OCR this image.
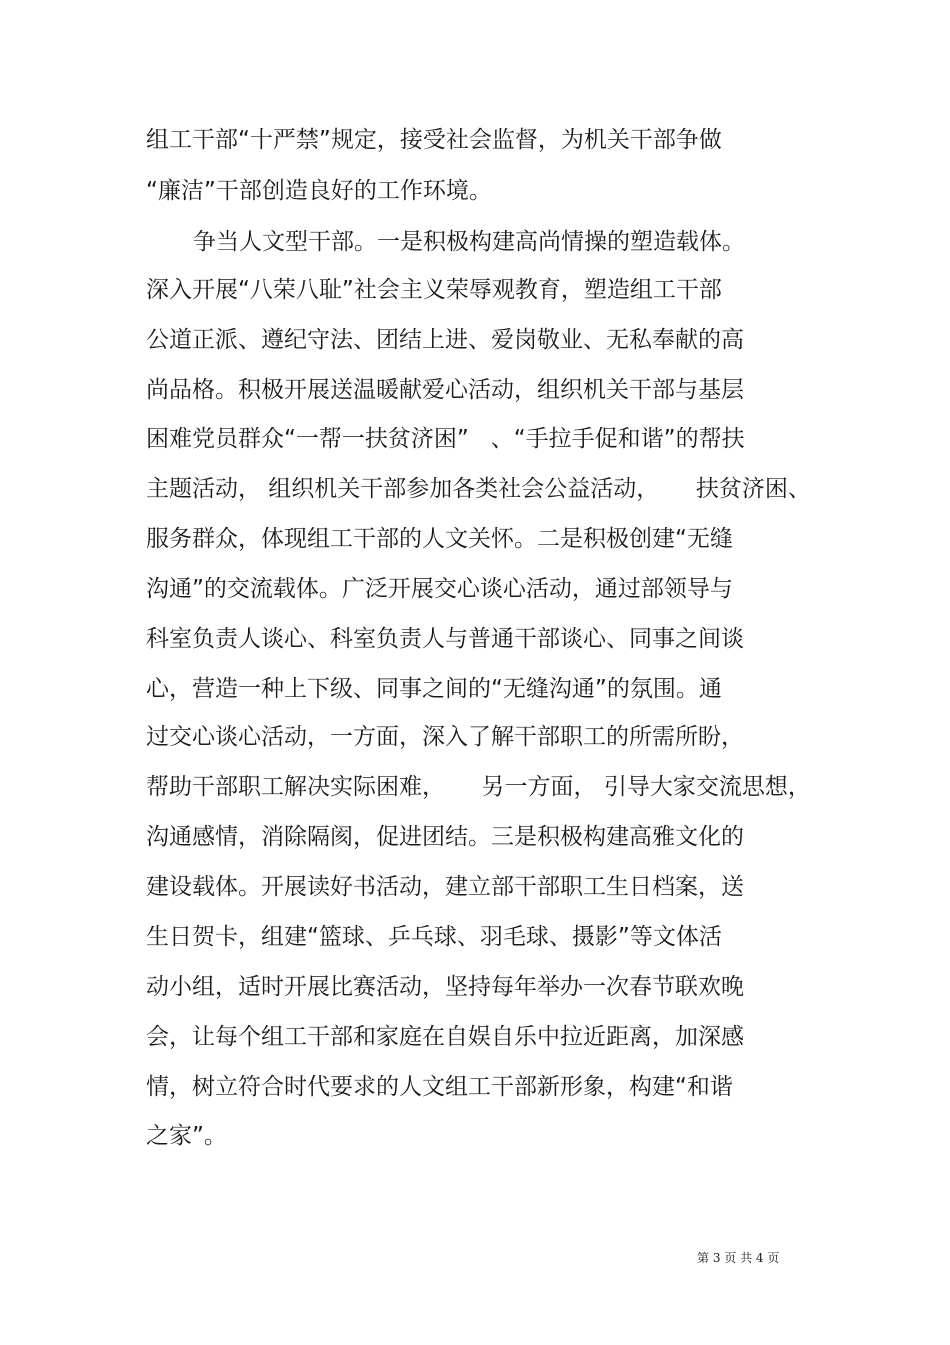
组工干部“十严禁”规定，接受社会监督，为机关干部争做
“廉洁”干部创造良好的工作环境。
争当人文型干部。一是积极构建高尚情操的塑造载体。
深入开展“八荣八耻”社会主义荣辱观教育，塑造组工干部
公道正派、遵纪守法、团结上进、爱岗敬业、无私奉献的高
尚品格。积极开展送温暖献爱心活动，组织机关干部与基层
困难党员群众“一帮一扶贫济困”   、“手拉手促和谐”的帮扶
主题活动， 组织机关干部参加各类社会公益活动，     扶贫济困、
服务群众，体现组工干部的人文关怀。二是积极创建“无缝
沟通”的交流载体。广泛开展交心谈心活动，通过部领导与
科室负责人谈心、科室负责人与普通干部谈心、同事之间谈
心，营造一种上下级、同事之间的“无缝沟通”的氛围。通
过交心谈心活动，一方面，深入了解干部职工的所需所盼，
帮助干部职工解决实际困难，     另一方面， 引导大家交流思想，
沟通感情，消除隔阂，促进团结。三是积极构建高雅文化的
建设载体。开展读好书活动，建立部干部职工生日档案，送
生日贺卡，组建“篮球、乒乓球、羽毛球、摄影”等文体活
动小组，适时开展比赛活动，坚持每年举办一次春节联欢晚
会，让每个组工干部和家庭在自娱自乐中拉近距离，加深感
情，树立符合时代要求的人文组工干部新形象，构建“和谐
之家”。
第 3 页 共 4 页
